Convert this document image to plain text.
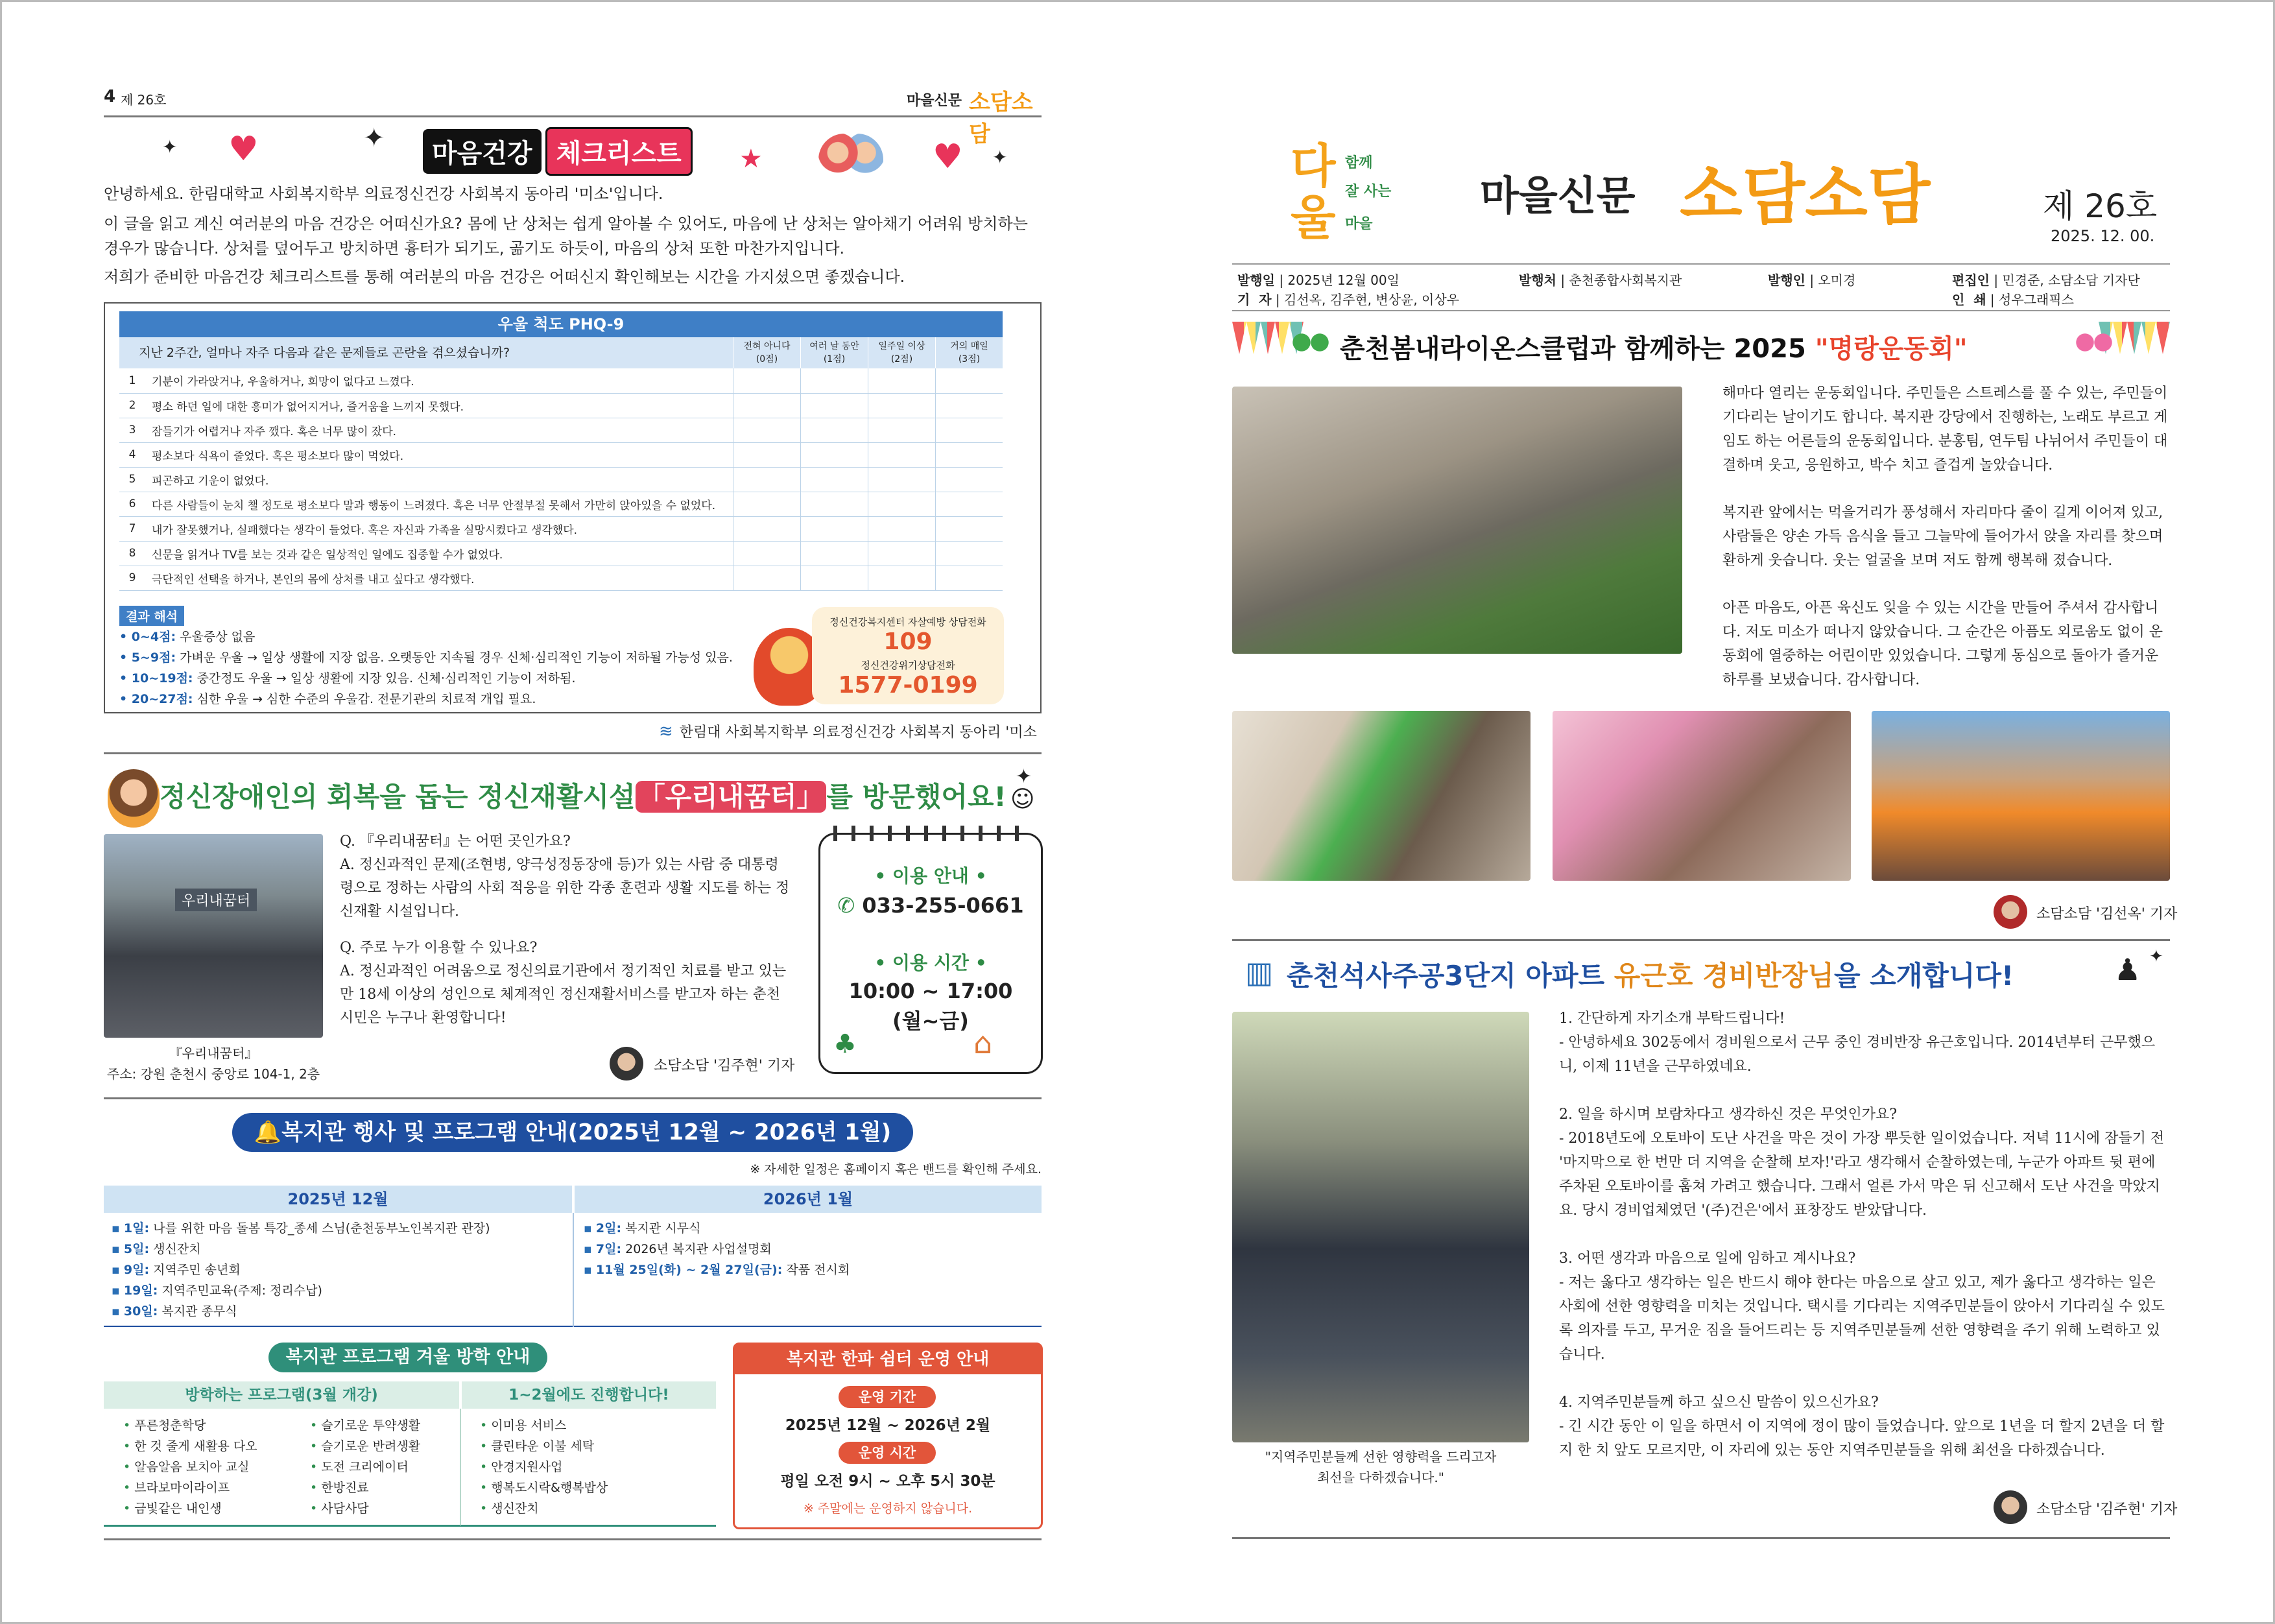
4 제 26호	마을신문 소담소담
마음건강 체크리스트
♥	♥
✦	✦
✦
★

안녕하세요. 한림대학교 사회복지학부 의료정신건강 사회복지 동아리 '미소'입니다.

이 글을 읽고 계신 여러분의 마음 건강은 어떠신가요? 몸에 난 상처는 쉽게 알아볼 수 있어도, 마음에 난 상처는 알아채기 어려워 방치하는

경우가 많습니다. 상처를 덮어두고 방치하면 흉터가 되기도, 곪기도 하듯이, 마음의 상처 또한 마찬가지입니다.

저희가 준비한 마음건강 체크리스트를 통해 여러분의 마음 건강은 어떠신지 확인해보는 시간을 가지셨으면 좋겠습니다.

우울 척도 PHQ-9
지난 2주간, 얼마나 자주 다음과 같은 문제들로 곤란을 겪으셨습니까?	전혀 아니다
(0점)
여러 날 동안
(1점)
일주일 이상
(2점)
거의 매일
(3점)
1	기분이 가라앉거나, 우울하거나, 희망이 없다고 느꼈다.				
2	평소 하던 일에 대한 흥미가 없어지거나, 즐거움을 느끼지 못했다.				
3	잠들기가 어렵거나 자주 깼다. 혹은 너무 많이 잤다.				
4	평소보다 식욕이 줄었다. 혹은 평소보다 많이 먹었다.				
5	피곤하고 기운이 없었다.				
6	다른 사람들이 눈치 챌 정도로 평소보다 말과 행동이 느려졌다. 혹은 너무 안절부절 못해서 가만히 앉아있을 수 없었다.				
7	내가 잘못했거나, 실패했다는 생각이 들었다. 혹은 자신과 가족을 실망시켰다고 생각했다.				
8	신문을 읽거나 TV를 보는 것과 같은 일상적인 일에도 집중할 수가 없었다.				
9	극단적인 선택을 하거나, 본인의 몸에 상처를 내고 싶다고 생각했다.				
결과 해석
• 0~4점: 우울증상 없음
• 5~9점: 가벼운 우울 → 일상 생활에 지장 없음. 오랫동안 지속될 경우 신체·심리적인 기능이 저하될 가능성 있음.
• 10~19점: 중간정도 우울 → 일상 생활에 지장 있음. 신체·심리적인 기능이 저하됨.
• 20~27점: 심한 우울 → 심한 수준의 우울감. 전문기관의 치료적 개입 필요.
정신건강복지센터 자살예방 상담전화
109
정신건강위기상담전화
1577-0199
≋ 한림대 사회복지학부 의료정신건강 사회복지 동아리 '미소
정신장애인의 회복을 돕는 정신재활시설「우리내꿈터」를 방문했어요!
✦
☺
우리내꿈터
『우리내꿈터』
주소: 강원 춘천시 중앙로 104-1, 2층

Q. 『우리내꿈터』는 어떤 곳인가요?

A. 정신과적인 문제(조현병, 양극성정동장애 등)가 있는 사람 중 대통령령으로 정하는 사람의 사회 적응을 위한 각종 훈련과 생활 지도를 하는 정신재활 시설입니다.

Q. 주로 누가 이용할 수 있나요?

A. 정신과적인 어려움으로 정신의료기관에서 정기적인 치료를 받고 있는 만 18세 이상의 성인으로 체계적인 정신재활서비스를 받고자 하는 춘천시민은 누구나 환영합니다!

소담소담 '김주현' 기자
• 이용 안내 •
✆ 033-255-0661
• 이용 시간 •
10:00 ~ 17:00
(월~금)
♣	⌂
🔔복지관 행사 및 프로그램 안내(2025년 12월 ~ 2026년 1월)
※ 자세한 일정은 홈페이지 혹은 밴드를 확인해 주세요.
2025년 12월	2026년 1월
▪ 1일: 나를 위한 마음 돌봄 특강_종세 스님(춘천동부노인복지관 관장)
▪ 5일: 생신잔치
▪ 9일: 지역주민 송년회
▪ 19일: 지역주민교육(주제: 정리수납)
▪ 30일: 복지관 종무식
▪ 2일: 복지관 시무식
▪ 7일: 2026년 복지관 사업설명회
▪ 11월 25일(화) ~ 2월 27일(금): 작품 전시회
복지관 프로그램 겨울 방학 안내
방학하는 프로그램(3월 개강)	1~2월에도 진행합니다!
• 푸른청춘학당
• 한 것 줄게 새활용 다오
• 알음알음 보치아 교실
• 브라보마이라이프
• 금빛같은 내인생
• 슬기로운 투약생활
• 슬기로운 반려생활
• 도전 크리에이터
• 한방진료
• 사담사담
• 이미용 서비스
• 클린타운 이불 세탁
• 안경지원사업
• 행복도시락&행복밥상
• 생신잔치
복지관 한파 쉼터 운영 안내
운영 기간
2025년 12월 ~ 2026년 2월
운영 시간
평일 오전 9시 ~ 오후 5시 30분
※ 주말에는 운영하지 않습니다.
다울
함께
잘 사는
마을
마을신문 소담소담	제 26호
2025. 12. 00.
발행일 | 2025년 12월 00일	발행처 | 춘천종합사회복지관	발행인 | 오미경	편집인 | 민경준, 소담소담 기자단
기  자 | 김선옥, 김주현, 변상윤, 이상우	인  쇄 | 성우그래픽스
춘천봄내라이온스클럽과 함께하는 2025 "명랑운동회"

해마다 열리는 운동회입니다. 주민들은 스트레스를 풀 수 있는, 주민들이 기다리는 날이기도 합니다. 복지관 강당에서 진행하는, 노래도 부르고 게임도 하는 어른들의 운동회입니다. 분홍팀, 연두팀 나뉘어서 주민들이 대결하며 웃고, 응원하고, 박수 치고 즐겁게 놀았습니다.

복지관 앞에서는 먹을거리가 풍성해서 자리마다 줄이 길게 이어져 있고, 사람들은 양손 가득 음식을 들고 그늘막에 들어가서 앉을 자리를 찾으며 환하게 웃습니다. 웃는 얼굴을 보며 저도 함께 행복해 졌습니다.

아픈 마음도, 아픈 육신도 잊을 수 있는 시간을 만들어 주셔서 감사합니다. 저도 미소가 떠나지 않았습니다. 그 순간은 아픔도 외로움도 없이 운동회에 열중하는 어린이만 있었습니다. 그렇게 동심으로 돌아가 즐거운 하루를 보냈습니다. 감사합니다.

소담소담 '김선옥' 기자
▥ 춘천석사주공3단지 아파트 유근호 경비반장님을 소개합니다!	♟ ✦
"지역주민분들께 선한 영향력을 드리고자
최선을 다하겠습니다."

1. 간단하게 자기소개 부탁드립니다!

- 안녕하세요 302동에서 경비원으로서 근무 중인 경비반장 유근호입니다. 2014년부터 근무했으니, 이제 11년을 근무하였네요.

2. 일을 하시며 보람차다고 생각하신 것은 무엇인가요?

- 2018년도에 오토바이 도난 사건을 막은 것이 가장 뿌듯한 일이었습니다. 저녁 11시에 잠들기 전 '마지막으로 한 번만 더 지역을 순찰해 보자!'라고 생각해서 순찰하였는데, 누군가 아파트 뒷 편에 주차된 오토바이를 훔쳐 가려고 했습니다. 그래서 얼른 가서 막은 뒤 신고해서 도난 사건을 막았지요. 당시 경비업체였던 '(주)건은'에서 표창장도 받았답니다.

3. 어떤 생각과 마음으로 일에 임하고 계시나요?

- 저는 옳다고 생각하는 일은 반드시 해야 한다는 마음으로 살고 있고, 제가 옳다고 생각하는 일은 사회에 선한 영향력을 미치는 것입니다. 택시를 기다리는 지역주민분들이 앉아서 기다리실 수 있도록 의자를 두고, 무거운 짐을 들어드리는 등 지역주민분들께 선한 영향력을 주기 위해 노력하고 있습니다.

4. 지역주민분들께 하고 싶으신 말씀이 있으신가요?

- 긴 시간 동안 이 일을 하면서 이 지역에 정이 많이 들었습니다. 앞으로 1년을 더 할지 2년을 더 할지 한 치 앞도 모르지만, 이 자리에 있는 동안 지역주민분들을 위해 최선을 다하겠습니다.

소담소담 '김주현' 기자
